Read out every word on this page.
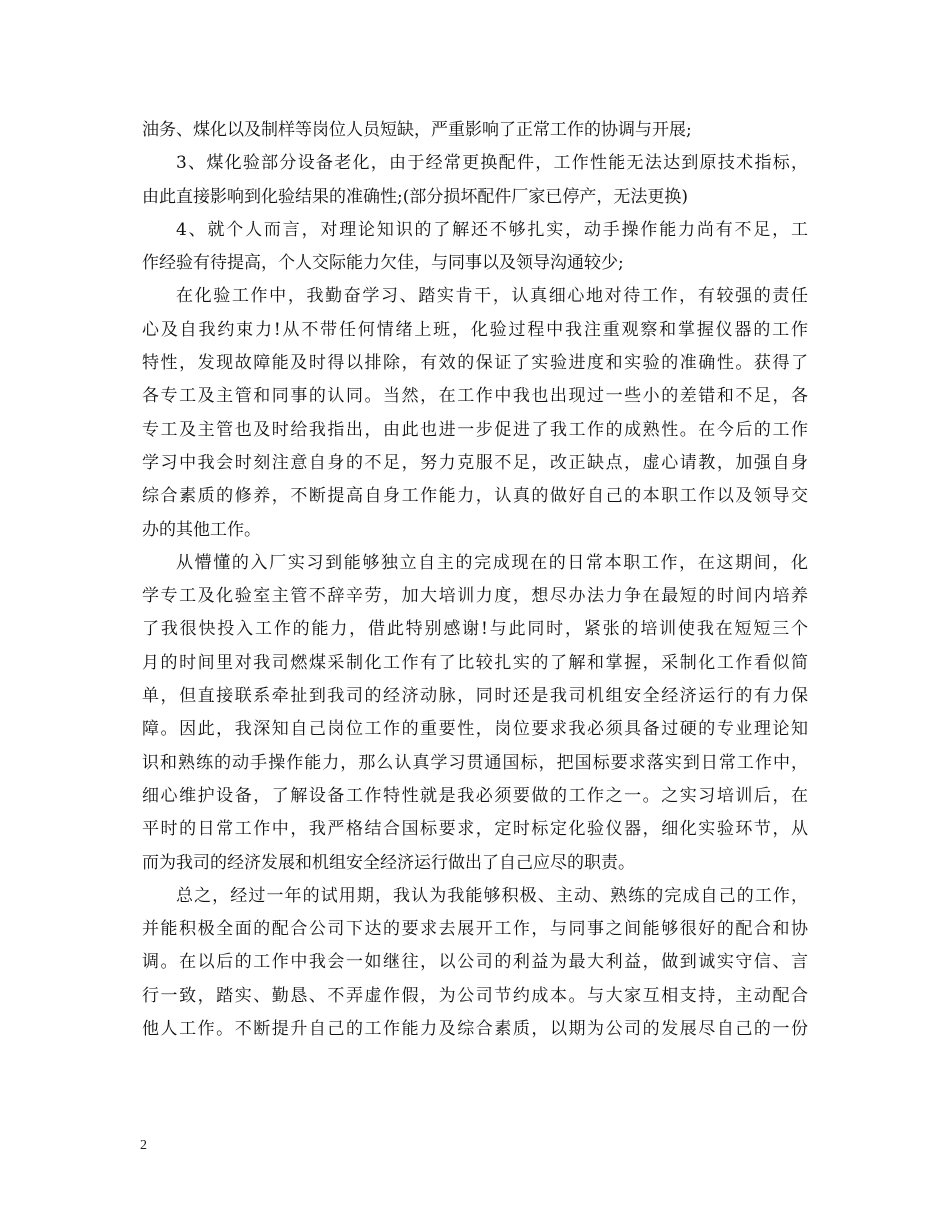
油务、煤化以及制样等岗位人员短缺，严重影响了正常工作的协调与开展;
3、煤化验部分设备老化，由于经常更换配件，工作性能无法达到原技术指标，
由此直接影响到化验结果的准确性;(部分损坏配件厂家已停产，无法更换)
4、就个人而言，对理论知识的了解还不够扎实，动手操作能力尚有不足，工
作经验有待提高，个人交际能力欠佳，与同事以及领导沟通较少;
在化验工作中，我勤奋学习、踏实肯干，认真细心地对待工作，有较强的责任
心及自我约束力!从不带任何情绪上班，化验过程中我注重观察和掌握仪器的工作
特性，发现故障能及时得以排除，有效的保证了实验进度和实验的准确性。获得了
各专工及主管和同事的认同。当然，在工作中我也出现过一些小的差错和不足，各
专工及主管也及时给我指出，由此也进一步促进了我工作的成熟性。在今后的工作
学习中我会时刻注意自身的不足，努力克服不足，改正缺点，虚心请教，加强自身
综合素质的修养，不断提高自身工作能力，认真的做好自己的本职工作以及领导交
办的其他工作。
从懵懂的入厂实习到能够独立自主的完成现在的日常本职工作，在这期间，化
学专工及化验室主管不辞辛劳，加大培训力度，想尽办法力争在最短的时间内培养
了我很快投入工作的能力，借此特别感谢!与此同时，紧张的培训使我在短短三个
月的时间里对我司燃煤采制化工作有了比较扎实的了解和掌握，采制化工作看似简
单，但直接联系牵扯到我司的经济动脉，同时还是我司机组安全经济运行的有力保
障。因此，我深知自己岗位工作的重要性，岗位要求我必须具备过硬的专业理论知
识和熟练的动手操作能力，那么认真学习贯通国标，把国标要求落实到日常工作中，
细心维护设备，了解设备工作特性就是我必须要做的工作之一。之实习培训后，在
平时的日常工作中，我严格结合国标要求，定时标定化验仪器，细化实验环节，从
而为我司的经济发展和机组安全经济运行做出了自己应尽的职责。
总之，经过一年的试用期，我认为我能够积极、主动、熟练的完成自己的工作，
并能积极全面的配合公司下达的要求去展开工作，与同事之间能够很好的配合和协
调。在以后的工作中我会一如继往，以公司的利益为最大利益，做到诚实守信、言
行一致，踏实、勤恳、不弄虚作假，为公司节约成本。与大家互相支持，主动配合
他人工作。不断提升自己的工作能力及综合素质，以期为公司的发展尽自己的一份
2
